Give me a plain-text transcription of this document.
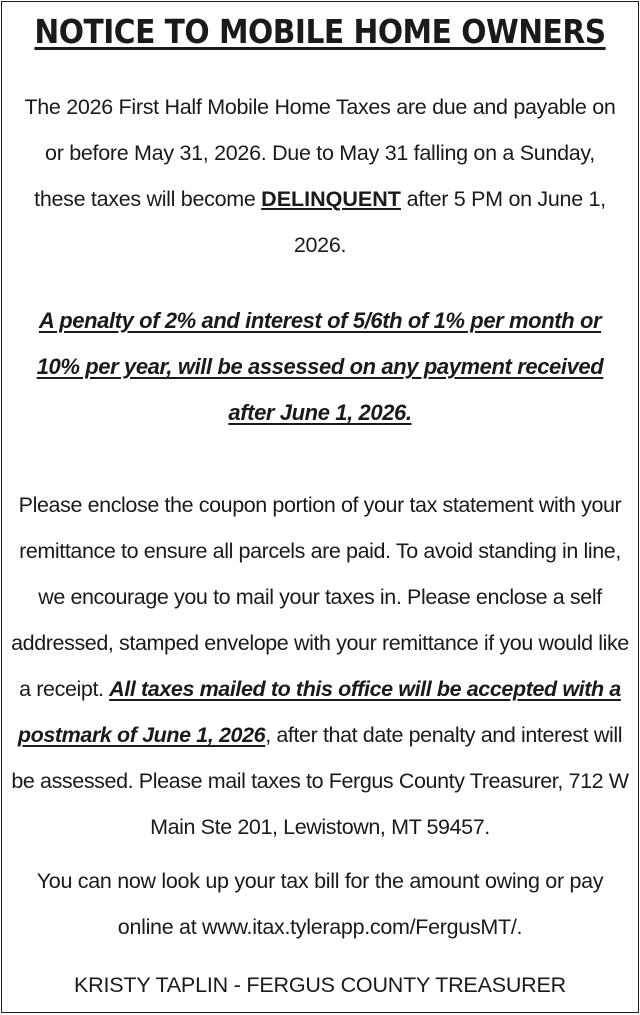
NOTICE TO MOBILE HOME OWNERS

The 2026 First Half Mobile Home Taxes are due and payable on or before May 31, 2026. Due to May 31 falling on a Sunday, these taxes will become DELINQUENT after 5 PM on June 1, 2026.

A penalty of 2% and interest of 5/6th of 1% per month or 10% per year, will be assessed on any payment received after June 1, 2026.

Please enclose the coupon portion of your tax statement with your remittance to ensure all parcels are paid. To avoid standing in line, we encourage you to mail your taxes in. Please enclose a self addressed, stamped envelope with your remittance if you would like a receipt. All taxes mailed to this office will be accepted with a postmark of June 1, 2026, after that date penalty and interest will be assessed. Please mail taxes to Fergus County Treasurer, 712 W Main Ste 201, Lewistown, MT 59457.

You can now look up your tax bill for the amount owing or pay online at www.itax.tylerapp.com/FergusMT/.

KRISTY TAPLIN - FERGUS COUNTY TREASURER
